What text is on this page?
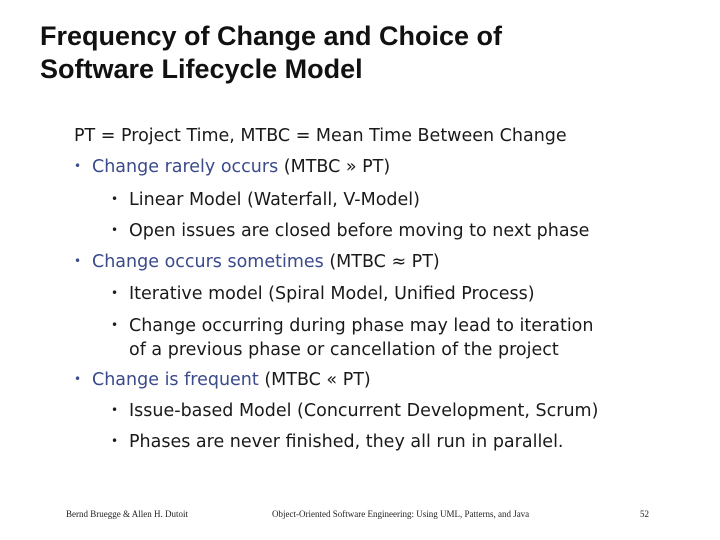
Frequency of Change and Choice of
Software Lifecycle Model
PT = Project Time, MTBC = Mean Time Between Change
• Change rarely occurs (MTBC » PT)
• Linear Model (Waterfall, V-Model)
• Open issues are closed before moving to next phase
• Change occurs sometimes (MTBC ≈ PT)
• Iterative model (Spiral Model, Unified Process)
• Change occurring during phase may lead to iteration
of a previous phase or cancellation of the project
• Change is frequent (MTBC « PT)
• Issue-based Model (Concurrent Development, Scrum)
• Phases are never finished, they all run in parallel.
Bernd Bruegge & Allen H. Dutoit	Object-Oriented Software Engineering: Using UML, Patterns, and Java	52
